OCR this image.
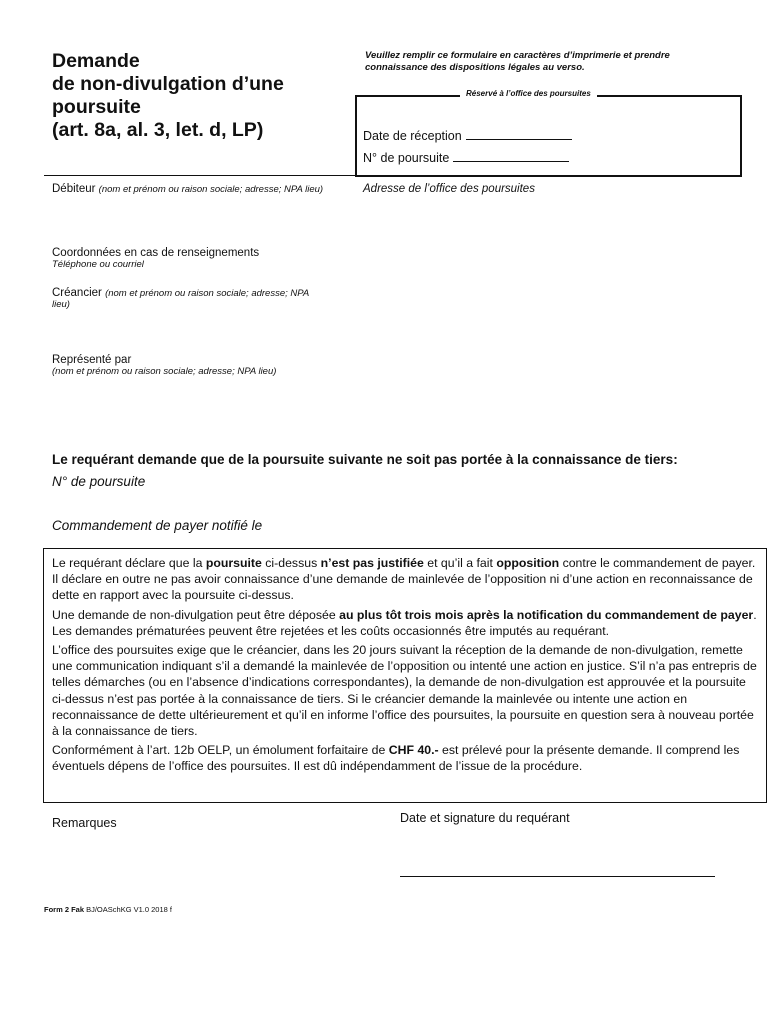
Demande
de non-divulgation d’une
poursuite
(art. 8a, al. 3, let. d, LP)
Veuillez remplir ce formulaire en caractères d’imprimerie et prendre connaissance des dispositions légales au verso.
Réservé à l’office des poursuites
Date de réception
N° de poursuite
Débiteur (nom et prénom ou raison sociale; adresse; NPA lieu)	Adresse de l’office des poursuites
Coordonnées en cas de renseignements
Téléphone ou courriel
Créancier (nom et prénom ou raison sociale; adresse; NPA
lieu)
Représenté par
(nom et prénom ou raison sociale; adresse; NPA lieu)
Le requérant demande que de la poursuite suivante ne soit pas portée à la connaissance de tiers:
N° de poursuite
Commandement de payer notifié le

Le requérant déclare que la poursuite ci-dessus n’est pas justifiée et qu’il a fait opposition contre le commandement de payer. Il déclare en outre ne pas avoir connaissance d’une demande de mainlevée de l’opposition ni d’une action en reconnaissance de dette en rapport avec la poursuite ci-dessus.

Une demande de non-divulgation peut être déposée au plus tôt trois mois après la notification du commandement de payer. Les demandes prématurées peuvent être rejetées et les coûts occasionnés être imputés au requérant.

L’office des poursuites exige que le créancier, dans les 20 jours suivant la réception de la demande de non-divulgation, remette une communication indiquant s’il a demandé la mainlevée de l’opposition ou intenté une action en justice. S’il n’a pas entrepris de telles démarches (ou en l’absence d’indications correspondantes), la demande de non-divulgation est approuvée et la poursuite ci-dessus n’est pas portée à la connaissance de tiers. Si le créancier demande la mainlevée ou intente une action en reconnaissance de dette ultérieurement et qu’il en informe l’office des poursuites, la poursuite en question sera à nouveau portée à la connaissance de tiers.

Conformément à l’art. 12b OELP, un émolument forfaitaire de CHF 40.- est prélevé pour la présente demande. Il comprend les éventuels dépens de l’office des poursuites. Il est dû indépendamment de l’issue de la procédure.

Remarques	Date et signature du requérant
Form 2 Fak BJ/OASchKG V1.0 2018 f
